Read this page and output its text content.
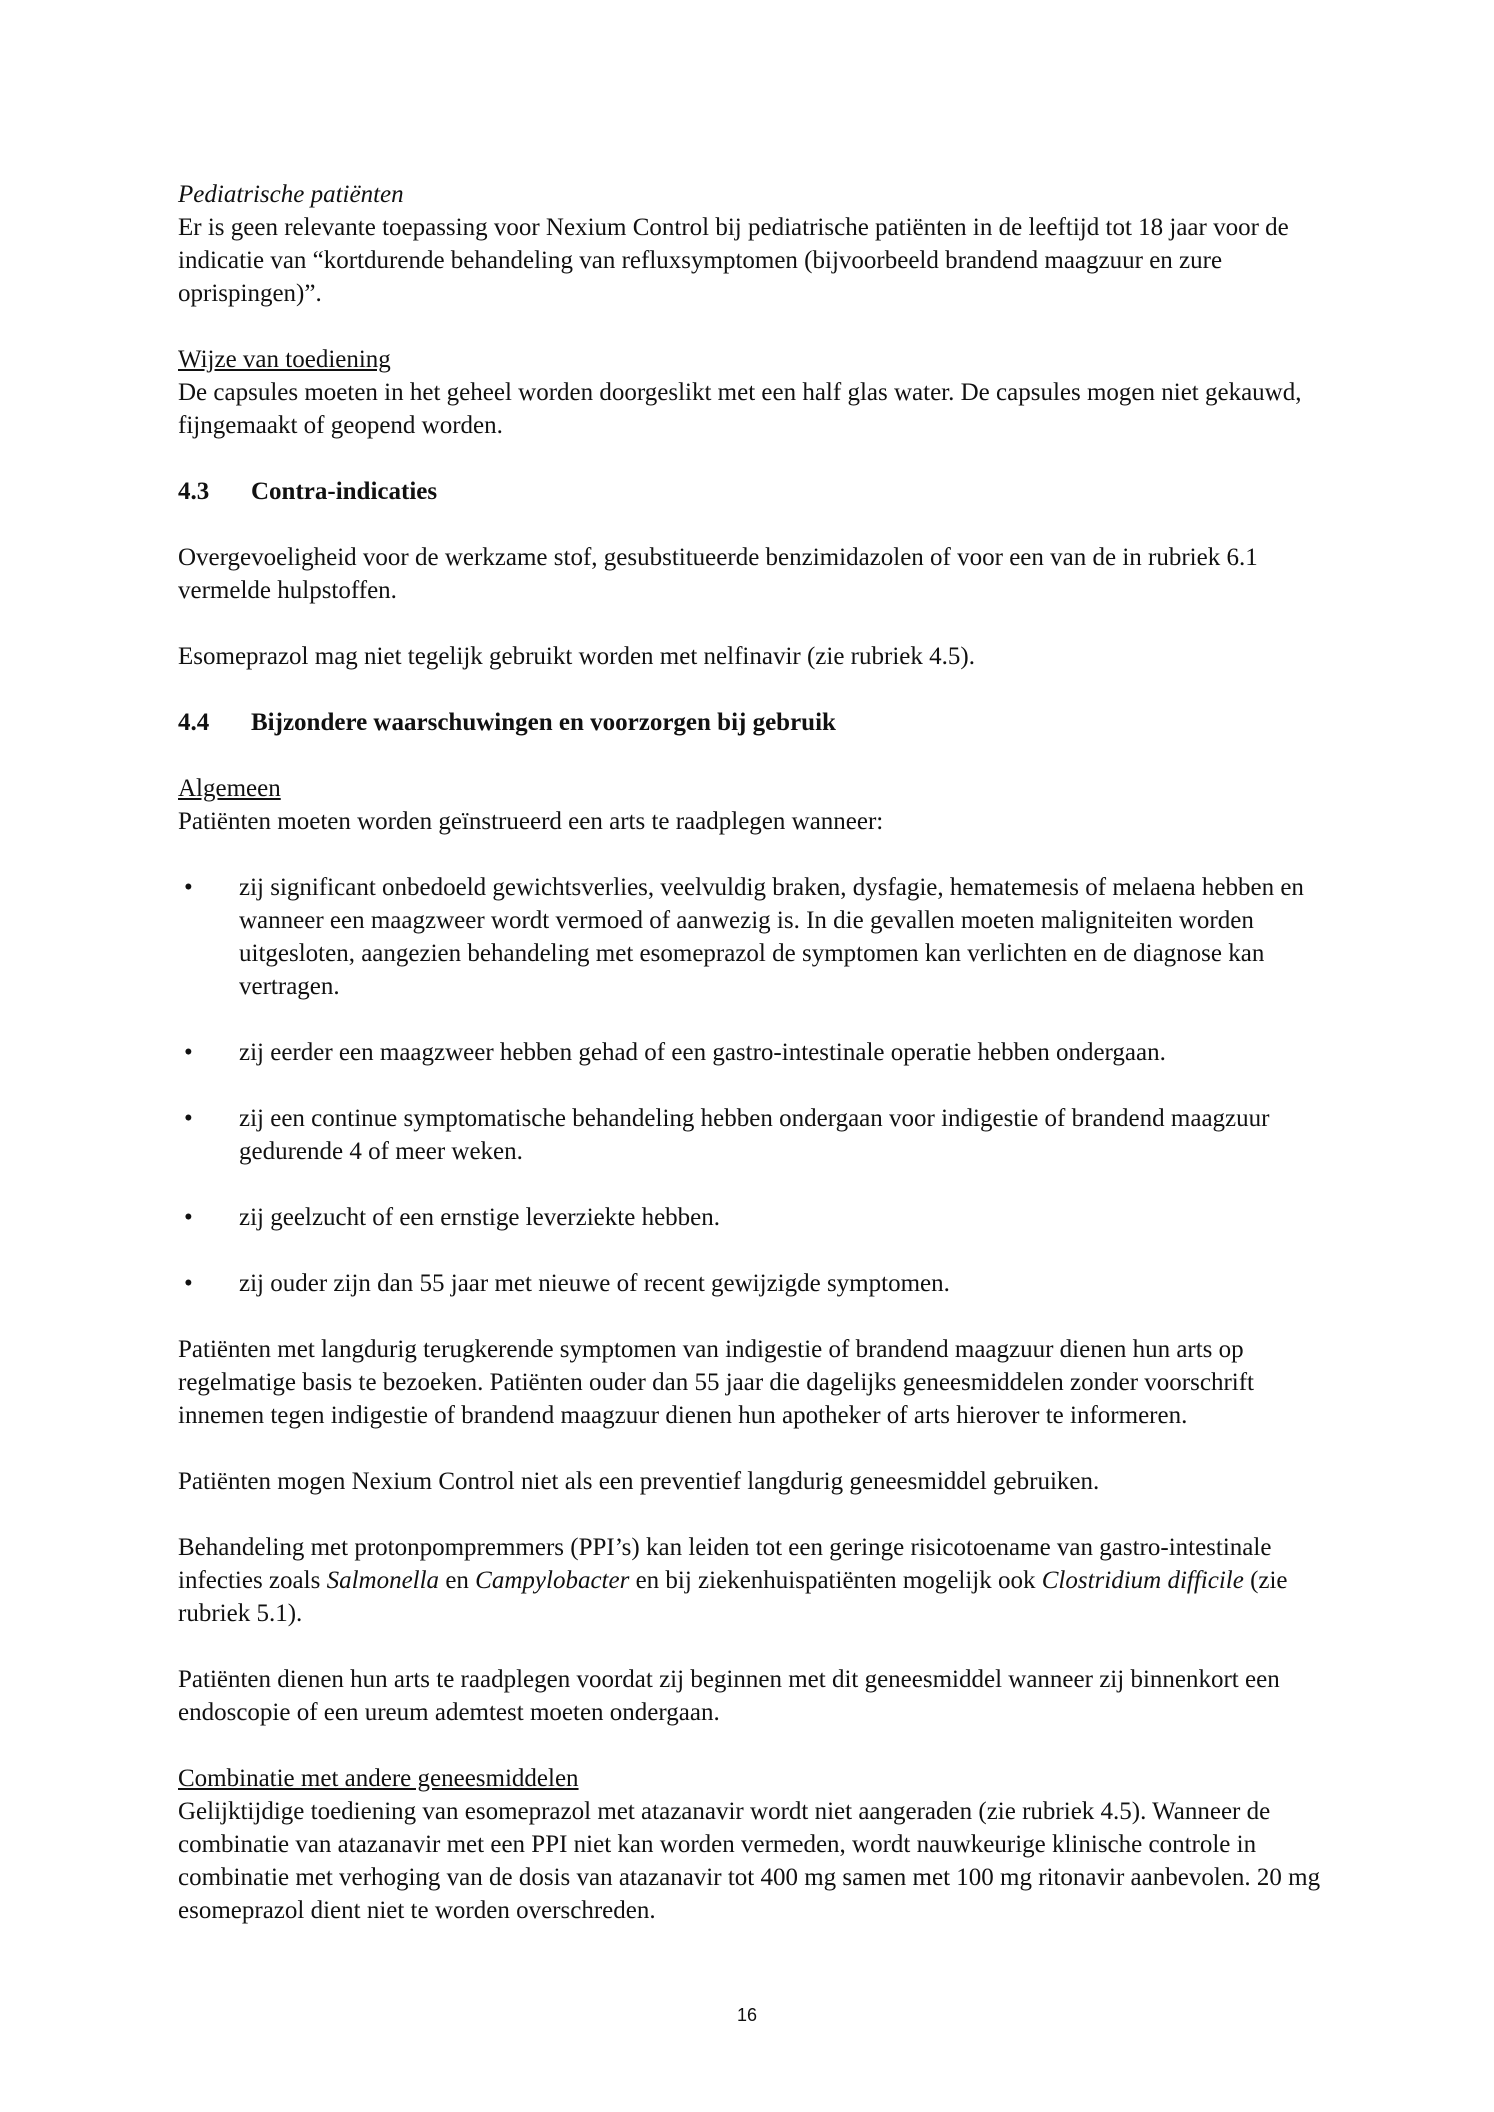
Pediatrische patiënten

Er is geen relevante toepassing voor Nexium Control bij pediatrische patiënten in de leeftijd tot 18 jaar voor de indicatie van “kortdurende behandeling van refluxsymptomen (bijvoorbeeld brandend maagzuur en zure oprispingen)”.

Wijze van toediening

De capsules moeten in het geheel worden doorgeslikt met een half glas water. De capsules mogen niet gekauwd, fijngemaakt of geopend worden.

4.3	Contra-indicaties

Overgevoeligheid voor de werkzame stof, gesubstitueerde benzimidazolen of voor een van de in rubriek 6.1 vermelde hulpstoffen.

Esomeprazol mag niet tegelijk gebruikt worden met nelfinavir (zie rubriek 4.5).

4.4	Bijzondere waarschuwingen en voorzorgen bij gebruik

Algemeen

Patiënten moeten worden geïnstrueerd een arts te raadplegen wanneer:

• zij significant onbedoeld gewichtsverlies, veelvuldig braken, dysfagie, hematemesis of melaena hebben en wanneer een maagzweer wordt vermoed of aanwezig is. In die gevallen moeten maligniteiten worden uitgesloten, aangezien behandeling met esomeprazol de symptomen kan verlichten en de diagnose kan vertragen.
• zij eerder een maagzweer hebben gehad of een gastro-intestinale operatie hebben ondergaan.
• zij een continue symptomatische behandeling hebben ondergaan voor indigestie of brandend maagzuur gedurende 4 of meer weken.
• zij geelzucht of een ernstige leverziekte hebben.
• zij ouder zijn dan 55 jaar met nieuwe of recent gewijzigde symptomen.

Patiënten met langdurig terugkerende symptomen van indigestie of brandend maagzuur dienen hun arts op regelmatige basis te bezoeken. Patiënten ouder dan 55 jaar die dagelijks geneesmiddelen zonder voorschrift innemen tegen indigestie of brandend maagzuur dienen hun apotheker of arts hierover te informeren.

Patiënten mogen Nexium Control niet als een preventief langdurig geneesmiddel gebruiken.

Behandeling met protonpompremmers (PPI’s) kan leiden tot een geringe risicotoename van gastro-intestinale infecties zoals Salmonella en Campylobacter en bij ziekenhuispatiënten mogelijk ook Clostridium difficile (zie rubriek 5.1).

Patiënten dienen hun arts te raadplegen voordat zij beginnen met dit geneesmiddel wanneer zij binnenkort een endoscopie of een ureum ademtest moeten ondergaan.

Combinatie met andere geneesmiddelen

Gelijktijdige toediening van esomeprazol met atazanavir wordt niet aangeraden (zie rubriek 4.5). Wanneer de combinatie van atazanavir met een PPI niet kan worden vermeden, wordt nauwkeurige klinische controle in combinatie met verhoging van de dosis van atazanavir tot 400 mg samen met 100 mg ritonavir aanbevolen. 20 mg esomeprazol dient niet te worden overschreden.

16
